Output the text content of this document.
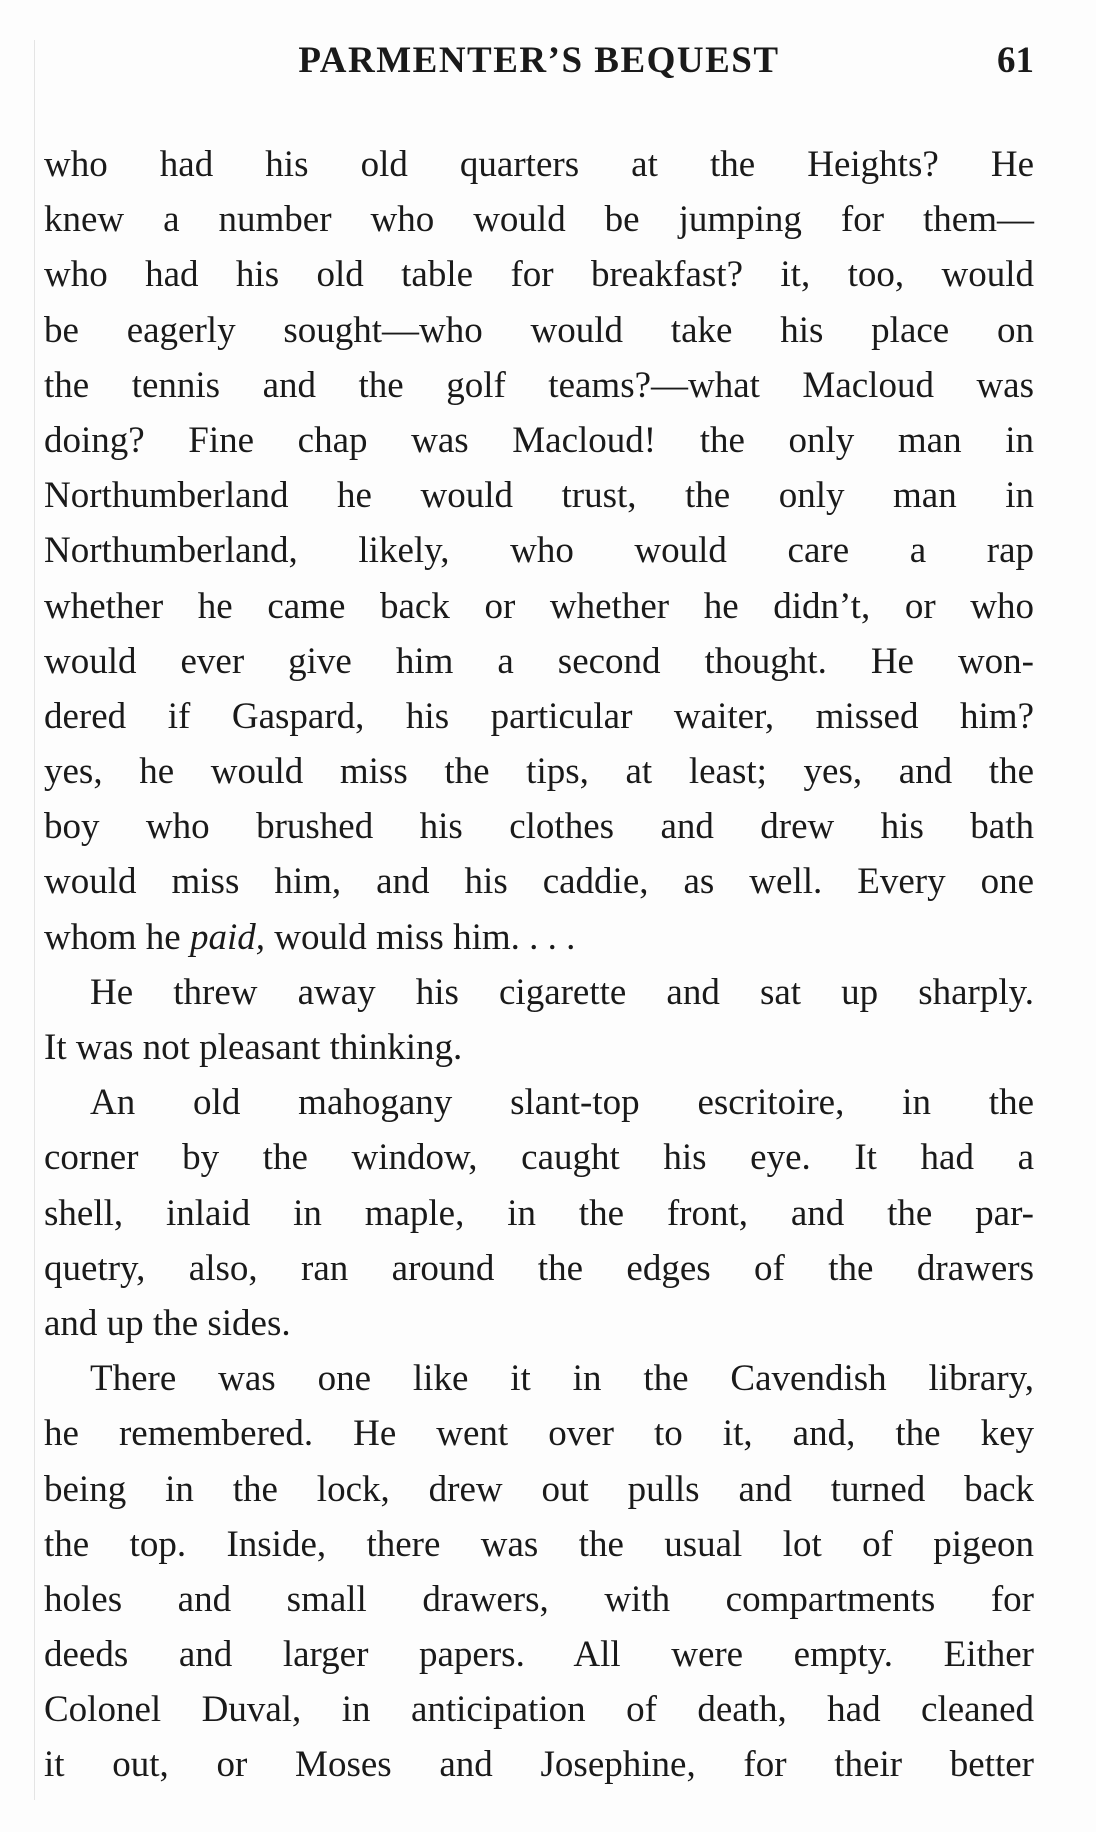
PARMENTER’S BEQUEST	61
who had his old quarters at the Heights? He
knew a number who would be jumping for them—
who had his old table for breakfast? it, too, would
be eagerly sought—who would take his place on
the tennis and the golf teams?—what Macloud was
doing? Fine chap was Macloud! the only man in
Northumberland he would trust, the only man in
Northumberland, likely, who would care a rap
whether he came back or whether he didn’t, or who
would ever give him a second thought. He won-
dered if Gaspard, his particular waiter, missed him?
yes, he would miss the tips, at least; yes, and the
boy who brushed his clothes and drew his bath
would miss him, and his caddie, as well. Every one
whom he paid, would miss him. . . .
He threw away his cigarette and sat up sharply.
It was not pleasant thinking.
An old mahogany slant-top escritoire, in the
corner by the window, caught his eye. It had a
shell, inlaid in maple, in the front, and the par-
quetry, also, ran around the edges of the drawers
and up the sides.
There was one like it in the Cavendish library,
he remembered. He went over to it, and, the key
being in the lock, drew out pulls and turned back
the top. Inside, there was the usual lot of pigeon
holes and small drawers, with compartments for
deeds and larger papers. All were empty. Either
Colonel Duval, in anticipation of death, had cleaned
it out, or Moses and Josephine, for their better
